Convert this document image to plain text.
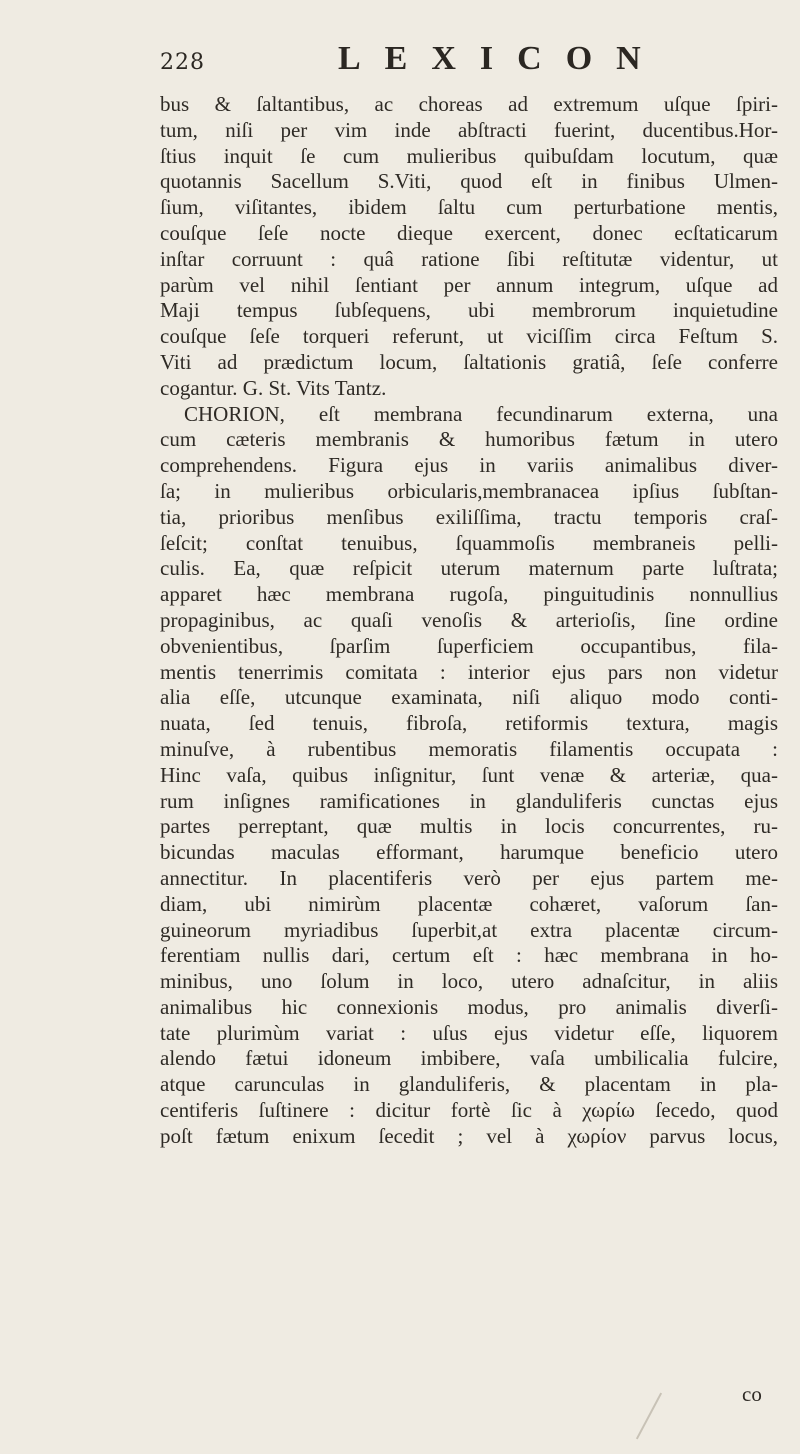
228	LEXICON
bus & ſaltantibus, ac choreas ad extremum uſque ſpiri-
tum, niſi per vim inde abſtracti fuerint, ducentibus.Hor-
ſtius inquit ſe cum mulieribus quibuſdam locutum, quæ
quotannis Sacellum S.Viti, quod eſt in finibus Ulmen-
ſium, viſitantes, ibidem ſaltu cum perturbatione mentis,
couſque ſeſe nocte dieque exercent, donec ecſtaticarum
inſtar corruunt : quâ ratione ſibi reſtitutæ videntur, ut
parùm vel nihil ſentiant per annum integrum, uſque ad
Maji tempus ſubſequens, ubi membrorum inquietudine
couſque ſeſe torqueri referunt, ut viciſſim circa Feſtum S.
Viti ad prædictum locum, ſaltationis gratiâ, ſeſe conferre
cogantur. G. St. Vits Tantz.
CHORION, eſt membrana fecundinarum externa, una
cum cæteris membranis & humoribus fætum in utero
comprehendens. Figura ejus in variis animalibus diver-
ſa; in mulieribus orbicularis,membranacea ipſius ſubſtan-
tia, prioribus menſibus exiliſſima, tractu temporis craſ-
ſeſcit; conſtat tenuibus, ſquammoſis membraneis pelli-
culis. Ea, quæ reſpicit uterum maternum parte luſtrata;
apparet hæc membrana rugoſa, pinguitudinis nonnullius
propaginibus, ac quaſi venoſis & arterioſis, ſine ordine
obvenientibus, ſparſim ſuperficiem occupantibus, fila-
mentis tenerrimis comitata : interior ejus pars non videtur
alia eſſe, utcunque examinata, niſi aliquo modo conti-
nuata, ſed tenuis, fibroſa, retiformis textura, magis
minuſve, à rubentibus memoratis filamentis occupata :
Hinc vaſa, quibus inſignitur, ſunt venæ & arteriæ, qua-
rum inſignes ramificationes in glanduliferis cunctas ejus
partes perreptant, quæ multis in locis concurrentes, ru-
bicundas maculas efformant, harumque beneficio utero
annectitur. In placentiferis verò per ejus partem me-
diam, ubi nimirùm placentæ cohæret, vaſorum ſan-
guineorum myriadibus ſuperbit,at extra placentæ circum-
ferentiam nullis dari, certum eſt : hæc membrana in ho-
minibus, uno ſolum in loco, utero adnaſcitur, in aliis
animalibus hic connexionis modus, pro animalis diverſi-
tate plurimùm variat : uſus ejus videtur eſſe, liquorem
alendo fætui idoneum imbibere, vaſa umbilicalia fulcire,
atque carunculas in glanduliferis, & placentam in pla-
centiferis ſuſtinere : dicitur fortè ſic à χωρίω ſecedo, quod
poſt fætum enixum ſecedit ; vel à χωρίον parvus locus,
co
